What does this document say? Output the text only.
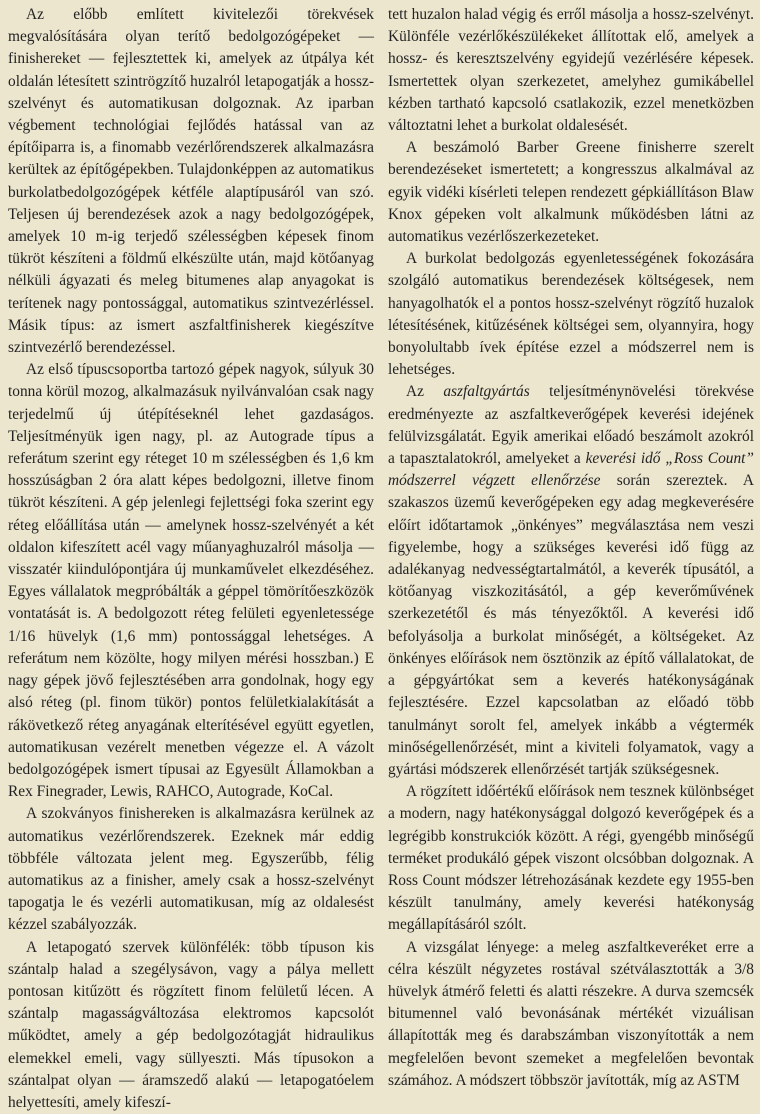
Az előbb említett kivitelezői törekvések megvalósítására olyan terítő bedolgozógépeket — finishereket — fejlesztettek ki, amelyek az útpálya két oldalán létesített szintrögzítő huzalról letapogatják a hossz-szelvényt és automatikusan dolgoznak. Az iparban végbement technológiai fejlődés hatással van az építőiparra is, a finomabb vezérlőrendszerek alkalmazásra kerültek az építőgépekben. Tulajdonképpen az automatikus burkolatbedolgozógépek kétféle alaptípusáról van szó. Teljesen új berendezések azok a nagy bedolgozógépek, amelyek 10 m-ig terjedő szélességben képesek finom tükröt készíteni a földmű elkészülte után, majd kötőanyag nélküli ágyazati és meleg bitumenes alap anyagokat is terítenek nagy pontossággal, automatikus szintvezérléssel. Másik típus: az ismert aszfaltfinisherek kiegészítve szintvezérlő berendezéssel.

Az első típuscsoportba tartozó gépek nagyok, súlyuk 30 tonna körül mozog, alkalmazásuk nyilvánvalóan csak nagy terjedelmű új útépítéseknél lehet gazdaságos. Teljesítményük igen nagy, pl. az Autograde típus a referátum szerint egy réteget 10 m szélességben és 1,6 km hosszúságban 2 óra alatt képes bedolgozni, illetve finom tükröt készíteni. A gép jelenlegi fejlettségi foka szerint egy réteg előállítása után — amelynek hossz-szelvényét a két oldalon kifeszített acél vagy műanyaghuzalról másolja — visszatér kiindulópontjára új munkaművelet elkezdéséhez. Egyes vállalatok megpróbálták a géppel tömörítőeszközök vontatását is. A bedolgozott réteg felületi egyenletessége 1/16 hüvelyk (1,6 mm) pontossággal lehetséges. A referátum nem közölte, hogy milyen mérési hosszban.) E nagy gépek jövő fejlesztésében arra gondolnak, hogy egy alsó réteg (pl. finom tükör) pontos felületkialakítását a rákövetkező réteg anyagának elterítésével együtt egyetlen, automatikusan vezérelt menetben végezze el. A vázolt bedolgozógépek ismert típusai az Egyesült Államokban a Rex Finegrader, Lewis, RAHCO, Autograde, KoCal.

A szokványos finishereken is alkalmazásra kerülnek az automatikus vezérlőrendszerek. Ezeknek már eddig többféle változata jelent meg. Egyszerűbb, félig automatikus az a finisher, amely csak a hossz-szelvényt tapogatja le és vezérli automatikusan, míg az oldalesést kézzel szabályozzák.

A letapogató szervek különfélék: több típuson kis szántalp halad a szegélysávon, vagy a pálya mellett pontosan kitűzött és rögzített finom felületű lécen. A szántalp magasságváltozása elektromos kapcsolót működtet, amely a gép bedolgozótagját hidraulikus elemekkel emeli, vagy süllyeszti. Más típusokon a szántalpat olyan — áramszedő alakú — letapogatóelem helyettesíti, amely kifeszí-

tett huzalon halad végig és erről másolja a hossz-szelvényt. Különféle vezérlőkészülékeket állítottak elő, amelyek a hossz- és keresztszelvény egyidejű vezérlésére képesek. Ismertettek olyan szerkezetet, amelyhez gumikábellel kézben tartható kapcsoló csatlakozik, ezzel menetközben változtatni lehet a burkolat oldalesését.

A beszámoló Barber Greene finisherre szerelt berendezéseket ismertetett; a kongresszus alkalmával az egyik vidéki kísérleti telepen rendezett gépkiállításon Blaw Knox gépeken volt alkalmunk működésben látni az automatikus vezérlőszerkezeteket.

A burkolat bedolgozás egyenletességének fokozására szolgáló automatikus berendezések költségesek, nem hanyagolhatók el a pontos hossz-szelvényt rögzítő huzalok létesítésének, kitűzésének költségei sem, olyannyira, hogy bonyolultabb ívek építése ezzel a módszerrel nem is lehetséges.

Az aszfaltgyártás teljesítménynövelési törekvése eredményezte az aszfaltkeverőgépek keverési idejének felülvizsgálatát. Egyik amerikai előadó beszámolt azokról a tapasztalatokról, amelyeket a keverési idő „Ross Count” módszerrel végzett ellenőrzése során szereztek. A szakaszos üzemű keverőgépeken egy adag megkeverésére előírt időtartamok „önkényes” megválasztása nem veszi figyelembe, hogy a szükséges keverési idő függ az adalékanyag nedvességtartalmától, a keverék típusától, a kötőanyag viszkozitásától, a gép keverőművének szerkezetétől és más tényezőktől. A keverési idő befolyásolja a burkolat minőségét, a költségeket. Az önkényes előírások nem ösztönzik az építő vállalatokat, de a gépgyártókat sem a keverés hatékonyságának fejlesztésére. Ezzel kapcsolatban az előadó több tanulmányt sorolt fel, amelyek inkább a végtermék minőségellenőrzését, mint a kiviteli folyamatok, vagy a gyártási módszerek ellenőrzését tartják szükségesnek.

A rögzített időértékű előírások nem tesznek különbséget a modern, nagy hatékonysággal dolgozó keverőgépek és a legrégibb konstrukciók között. A régi, gyengébb minőségű terméket produkáló gépek viszont olcsóbban dolgoznak. A Ross Count módszer létrehozásának kezdete egy 1955-ben készült tanulmány, amely keverési hatékonyság megállapításáról szólt.

A vizsgálat lényege: a meleg aszfaltkeveréket erre a célra készült négyzetes rostával szétválasztották a 3/8 hüvelyk átmérő feletti és alatti részekre. A durva szemcsék bitumennel való bevonásának mértékét vizuálisan állapították meg és darabszámban viszonyították a nem megfelelően bevont szemeket a megfelelően bevontak számához. A módszert többször javították, míg az ASTM
